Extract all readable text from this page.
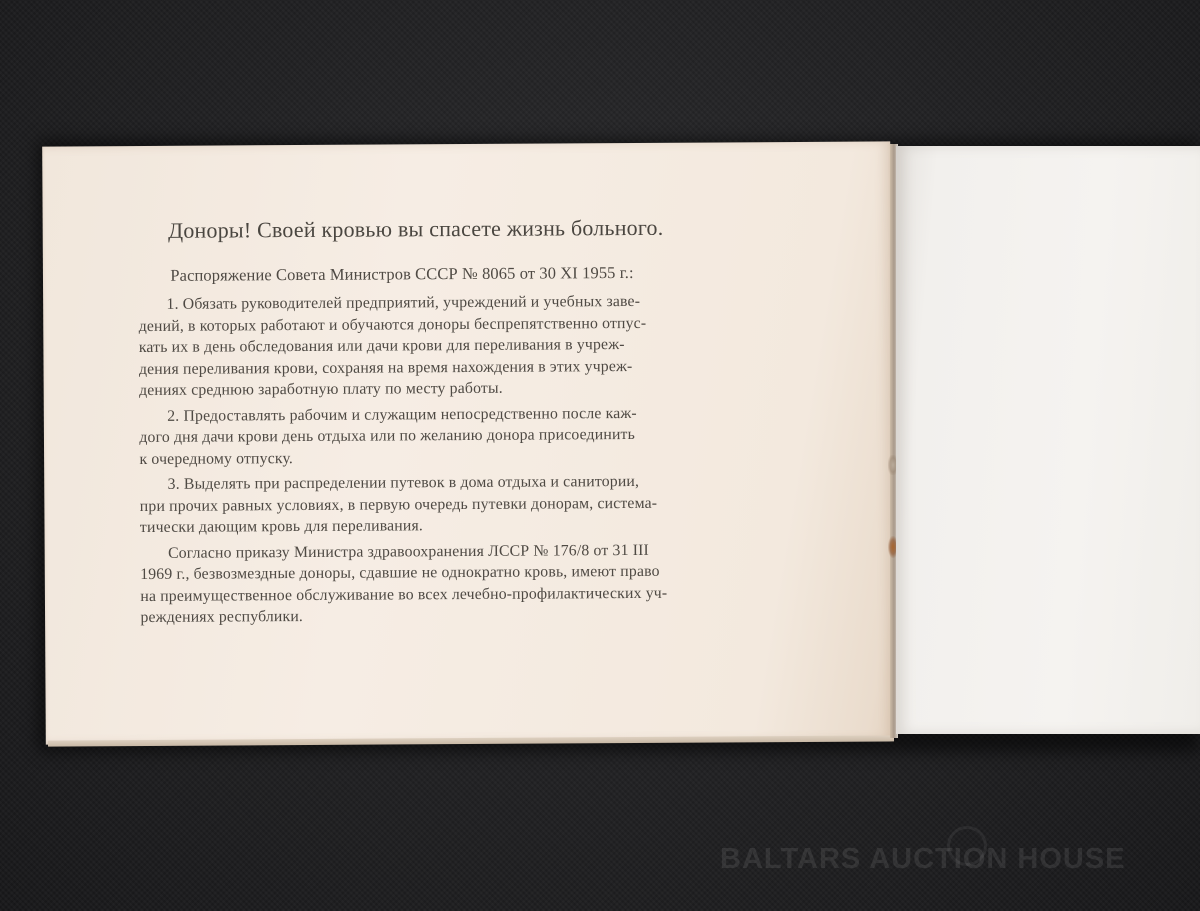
Доноры! Своей кровью вы спасете жизнь больного.
Распоряжение Совета Министров СССР № 8065 от 30 XI 1955 г.:

1. Обязать руководителей предприятий, учреждений и учебных заве-
дений, в которых работают и обучаются доноры беспрепятственно отпус-
кать их в день обследования или дачи крови для переливания в учреж-
дения переливания крови, сохраняя на время нахождения в этих учреж-
дениях среднюю заработную плату по месту работы.

2. Предоставлять рабочим и служащим непосредственно после каж-
дого дня дачи крови день отдыха или по желанию донора присоединить
к очередному отпуску.

3. Выделять при распределении путевок в дома отдыха и санитории,
при прочих равных условиях, в первую очередь путевки донорам, система-
тически дающим кровь для переливания.

Согласно приказу Министра здравоохранения ЛССР № 176/8 от 31 III
1969 г., безвозмездные доноры, сдавшие не однократно кровь, имеют право
на преимущественное обслуживание во всех лечебно-профилактических уч-
реждениях республики.

BALTARS AUCTION HOUSE
